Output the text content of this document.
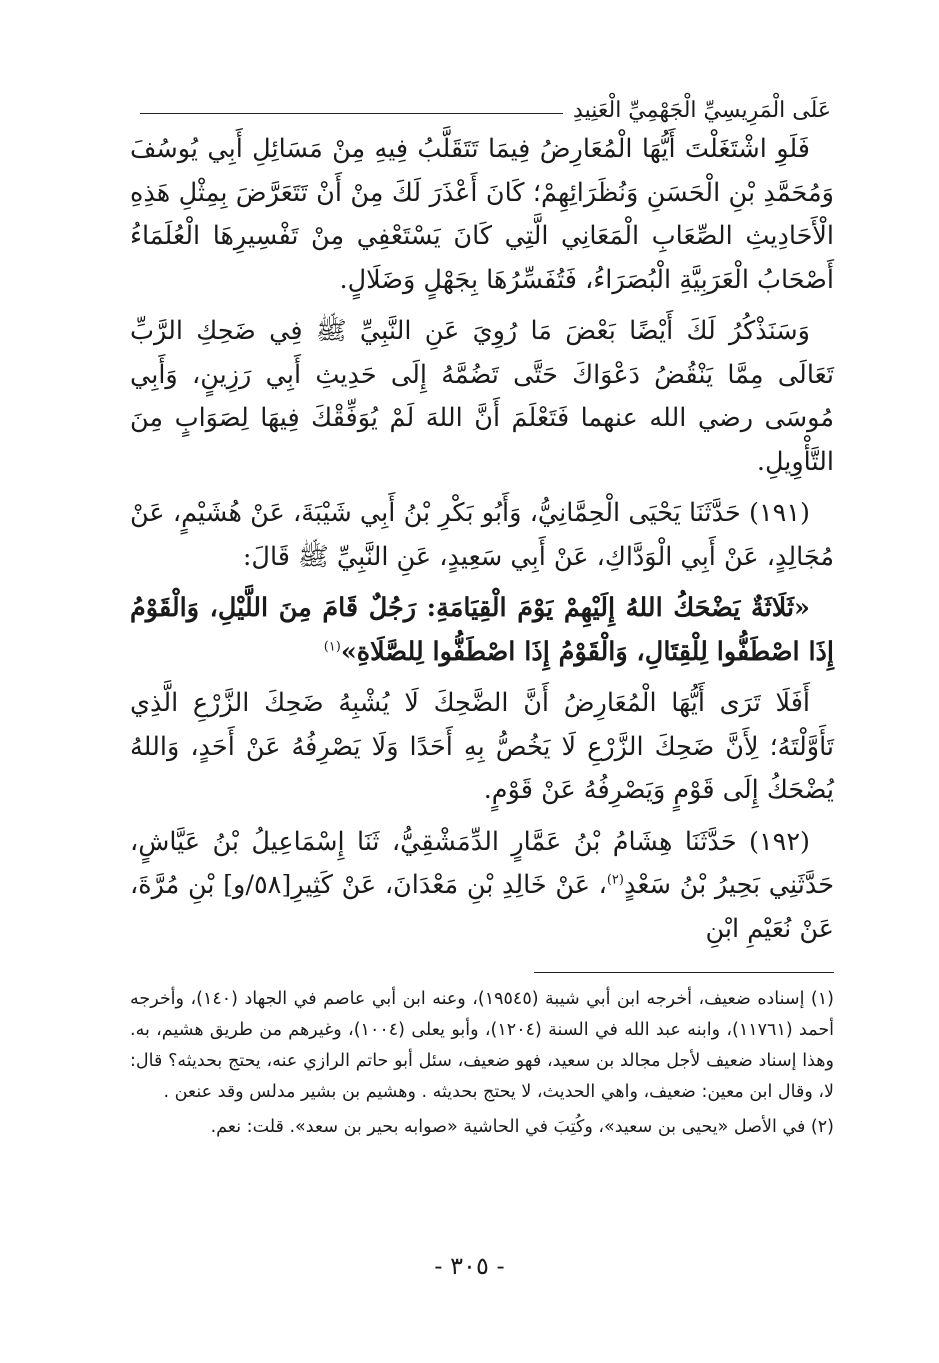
عَلَى الْمَرِيسِيِّ الْجَهْمِيِّ الْعَنِيدِ

فَلَوِ اشْتَغَلْتَ أَيُّهَا الْمُعَارِضُ فِيمَا تَتَقَلَّبُ فِيهِ مِنْ مَسَائِلِ أَبِي يُوسُفَ وَمُحَمَّدِ بْنِ الْحَسَنِ وَنُظَرَائِهِمْ؛ كَانَ أَعْذَرَ لَكَ مِنْ أَنْ تَتَعَرَّضَ بِمِثْلِ هَذِهِ الْأَحَادِيثِ الصِّعَابِ الْمَعَانِي الَّتِي كَانَ يَسْتَعْفِي مِنْ تَفْسِيرِهَا الْعُلَمَاءُ أَصْحَابُ الْعَرَبِيَّةِ الْبُصَرَاءُ، فَتُفَسِّرُهَا بِجَهْلٍ وَضَلَالٍ.

وَسَنَذْكُرُ لَكَ أَيْضًا بَعْضَ مَا رُوِيَ عَنِ النَّبِيِّ ﷺ فِي ضَحِكِ الرَّبِّ تَعَالَى مِمَّا يَنْقُضُ دَعْوَاكَ حَتَّى تَضُمَّهُ إِلَى حَدِيثِ أَبِي رَزِينٍ، وَأَبِي مُوسَى رضي الله عنهما فَتَعْلَمَ أَنَّ اللهَ لَمْ يُوَفِّقْكَ فِيهَا لِصَوَابٍ مِنَ التَّأْوِيلِ.

(١٩١) حَدَّثَنَا يَحْيَى الْحِمَّانِيُّ، وَأَبُو بَكْرِ بْنُ أَبِي شَيْبَةَ، عَنْ هُشَيْمٍ، عَنْ مُجَالِدٍ، عَنْ أَبِي الْوَدَّاكِ، عَنْ أَبِي سَعِيدٍ، عَنِ النَّبِيِّ ﷺ قَالَ:

«ثَلَاثَةٌ يَضْحَكُ اللهُ إِلَيْهِمْ يَوْمَ الْقِيَامَةِ: رَجُلٌ قَامَ مِنَ اللَّيْلِ، وَالْقَوْمُ إِذَا اصْطَفُّوا لِلْقِتَالِ، وَالْقَوْمُ إِذَا اصْطَفُّوا لِلصَّلَاةِ»$^{(١)}$

أَفَلَا تَرَى أَيُّهَا الْمُعَارِضُ أَنَّ الضَّحِكَ لَا يُشْبِهُ ضَحِكَ الزَّرْعِ الَّذِي تَأَوَّلْتَهُ؛ لِأَنَّ ضَحِكَ الزَّرْعِ لَا يَخُصُّ بِهِ أَحَدًا وَلَا يَصْرِفُهُ عَنْ أَحَدٍ، وَاللهُ يُضْحَكُ إِلَى قَوْمٍ وَيَصْرِفُهُ عَنْ قَوْمٍ.

(١٩٢) حَدَّثَنَا هِشَامُ بْنُ عَمَّارٍ الدِّمَشْقِيُّ، ثَنَا إِسْمَاعِيلُ بْنُ عَيَّاشٍ، حَدَّثَنِي بَحِيرُ بْنُ سَعْدٍ$^{(٢)}$، عَنْ خَالِدِ بْنِ مَعْدَانَ، عَنْ كَثِيرِ[٥٨/و] بْنِ مُرَّةَ، عَنْ نُعَيْمِ ابْنِ

(١) إسناده ضعيف، أخرجه ابن أبي شيبة (١٩٥٤٥)، وعنه ابن أبي عاصم في الجهاد (١٤٠)، وأخرجه أحمد (١١٧٦١)، وابنه عبد الله في السنة (١٢٠٤)، وأبو يعلى (١٠٠٤)، وغيرهم من طريق هشيم، به. وهذا إسناد ضعيف لأجل مجالد بن سعيد، فهو ضعيف، سئل أبو حاتم الرازي عنه، يحتج بحديثه؟ قال: لا، وقال ابن معين: ضعيف، واهي الحديث، لا يحتج بحديثه . وهشيم بن بشير مدلس وقد عنعن .

(٢) في الأصل «يحيى بن سعيد»، وكُتِبَ في الحاشية «صوابه بحير بن سعد». قلت: نعم.

- ٣٠٥ -
